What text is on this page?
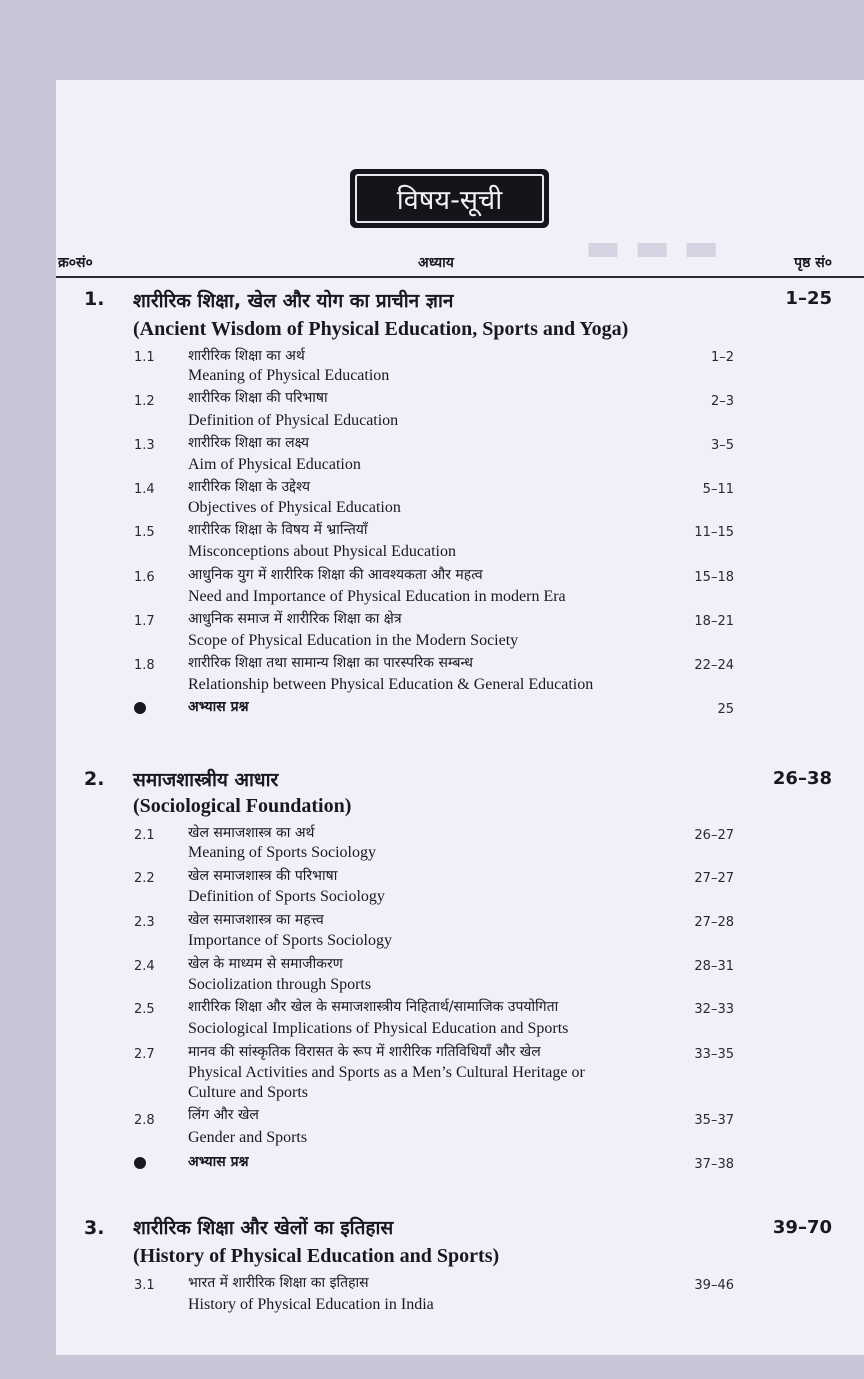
▬ ▬ ▬
विषय-सूची
क्र०सं०	अध्याय	पृष्ठ सं०
1. शारीरिक शिक्षा, खेल और योग का प्राचीन ज्ञान	1–25
(Ancient Wisdom of Physical Education, Sports and Yoga)
1.1 शारीरिक शिक्षा का अर्थ	1–2
Meaning of Physical Education
1.2 शारीरिक शिक्षा की परिभाषा	2–3
Definition of Physical Education
1.3 शारीरिक शिक्षा का लक्ष्य	3–5
Aim of Physical Education
1.4 शारीरिक शिक्षा के उद्देश्य	5–11
Objectives of Physical Education
1.5 शारीरिक शिक्षा के विषय में भ्रान्तियाँ	11–15
Misconceptions about Physical Education
1.6 आधुनिक युग में शारीरिक शिक्षा की आवश्यकता और महत्व	15–18
Need and Importance of Physical Education in modern Era
1.7 आधुनिक समाज में शारीरिक शिक्षा का क्षेत्र	18–21
Scope of Physical Education in the Modern Society
1.8 शारीरिक शिक्षा तथा सामान्य शिक्षा का पारस्परिक सम्बन्ध	22–24
Relationship between Physical Education & General Education
अभ्यास प्रश्न	25
2. समाजशास्त्रीय आधार	26–38
(Sociological Foundation)
2.1 खेल समाजशास्त्र का अर्थ	26–27
Meaning of Sports Sociology
2.2 खेल समाजशास्त्र की परिभाषा	27–27
Definition of Sports Sociology
2.3 खेल समाजशास्त्र का महत्त्व	27–28
Importance of Sports Sociology
2.4 खेल के माध्यम से समाजीकरण	28–31
Sociolization through Sports
2.5 शारीरिक शिक्षा और खेल के समाजशास्त्रीय निहितार्थ/सामाजिक उपयोगिता	32–33
Sociological Implications of Physical Education and Sports
2.7 मानव की सांस्कृतिक विरासत के रूप में शारीरिक गतिविधियाँ और खेल	33–35
Physical Activities and Sports as a Men’s Cultural Heritage or
Culture and Sports
2.8 लिंग और खेल	35–37
Gender and Sports
अभ्यास प्रश्न	37–38
3. शारीरिक शिक्षा और खेलों का इतिहास	39–70
(History of Physical Education and Sports)
3.1 भारत में शारीरिक शिक्षा का इतिहास	39–46
History of Physical Education in India
